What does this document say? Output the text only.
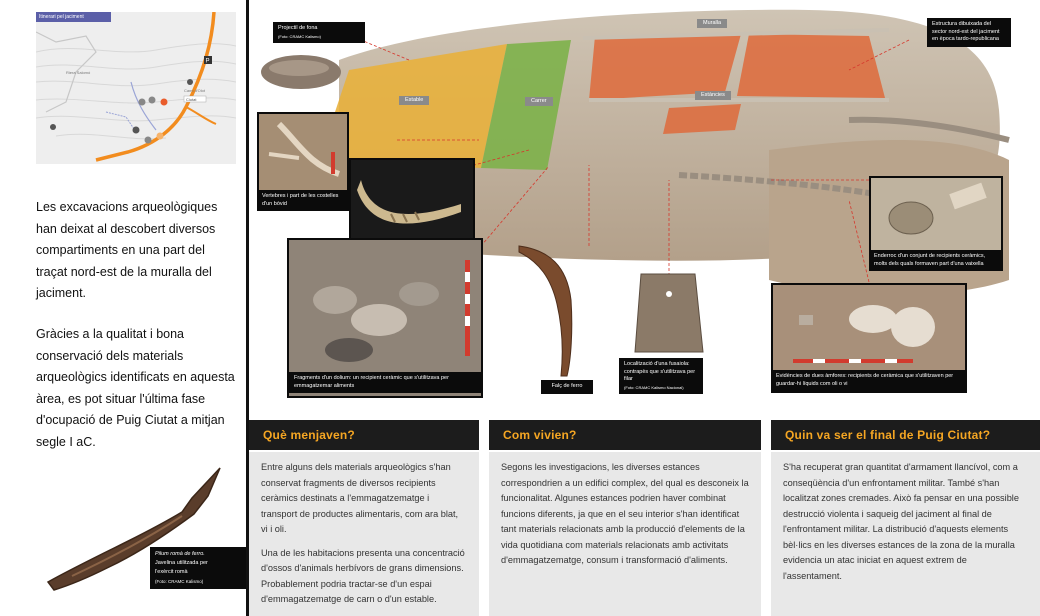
P
Riera Salomó
Camí d'Olot
Ciutat
Itinerari pel jaciment
Les excavacions arqueològiques han deixat al descobert diversos compartiments en una part del traçat nord-est de la muralla del jaciment.
Gràcies a la qualitat i bona conservació dels materials arqueològics identificats en aquesta àrea, es pot situar l'última fase d'ocupació de Puig Ciutat a mitjan segle I aC.
Pilum romà de ferro.
Javelina utilitzada per
l'exèrcit romà
(Foto: CRAMC Kalismo)
Vertebres i part de les costelles d'un bòvid
Fragments d'un dolium: un recipient ceràmic que s'utilitzava per emmagatzemar aliments	Falç de ferro
Localització d'una fusaiola: contrapès que s'utilitzava per filar
(Foto: CRAMC Kalismo Nacional)
Enderroc d'un conjunt de recipients ceràmics, molts dels quals formaven part d'una vaixella
Evidències de dues àmfores: recipients de ceràmica que s'utilitzaven per guardar-hi líquids com oli o vi
Projectil de fona
(Foto: CRAMC Kalismo)
Estructura dibuixada del sector nord-est del jaciment en època tardo-republicana
Muralla
Estable	Carrer
Estàncies
Què menjaven?	Com vivien?	Quin va ser el final de Puig Ciutat?

Entre alguns dels materials arqueològics s'han conservat fragments de diversos recipients ceràmics destinats a l'emmagatzematge i transport de productes alimentaris, com ara blat, vi i oli.

Una de les habitacions presenta una concentració d'ossos d'animals herbívors de grans dimensions. Probablement podria tractar-se d'un espai d'emmagatzematge de carn o d'un estable.

Segons les investigacions, les diverses estances correspondrien a un edifici complex, del qual es desconeix la funcionalitat. Algunes estances podrien haver combinat funcions diferents, ja que en el seu interior s'han identificat tant materials relacionats amb la producció d'elements de la vida quotidiana com materials relacionats amb activitats d'emmagatzematge, consum i transformació d'aliments.

S'ha recuperat gran quantitat d'armament llancívol, com a conseqüència d'un enfrontament militar. També s'han localitzat zones cremades. Això fa pensar en una possible destrucció violenta i saqueig del jaciment al final de l'enfrontament militar. La distribució d'aquests elements bèl·lics en les diverses estances de la zona de la muralla evidencia un atac iniciat en aquest extrem de l'assentament.
